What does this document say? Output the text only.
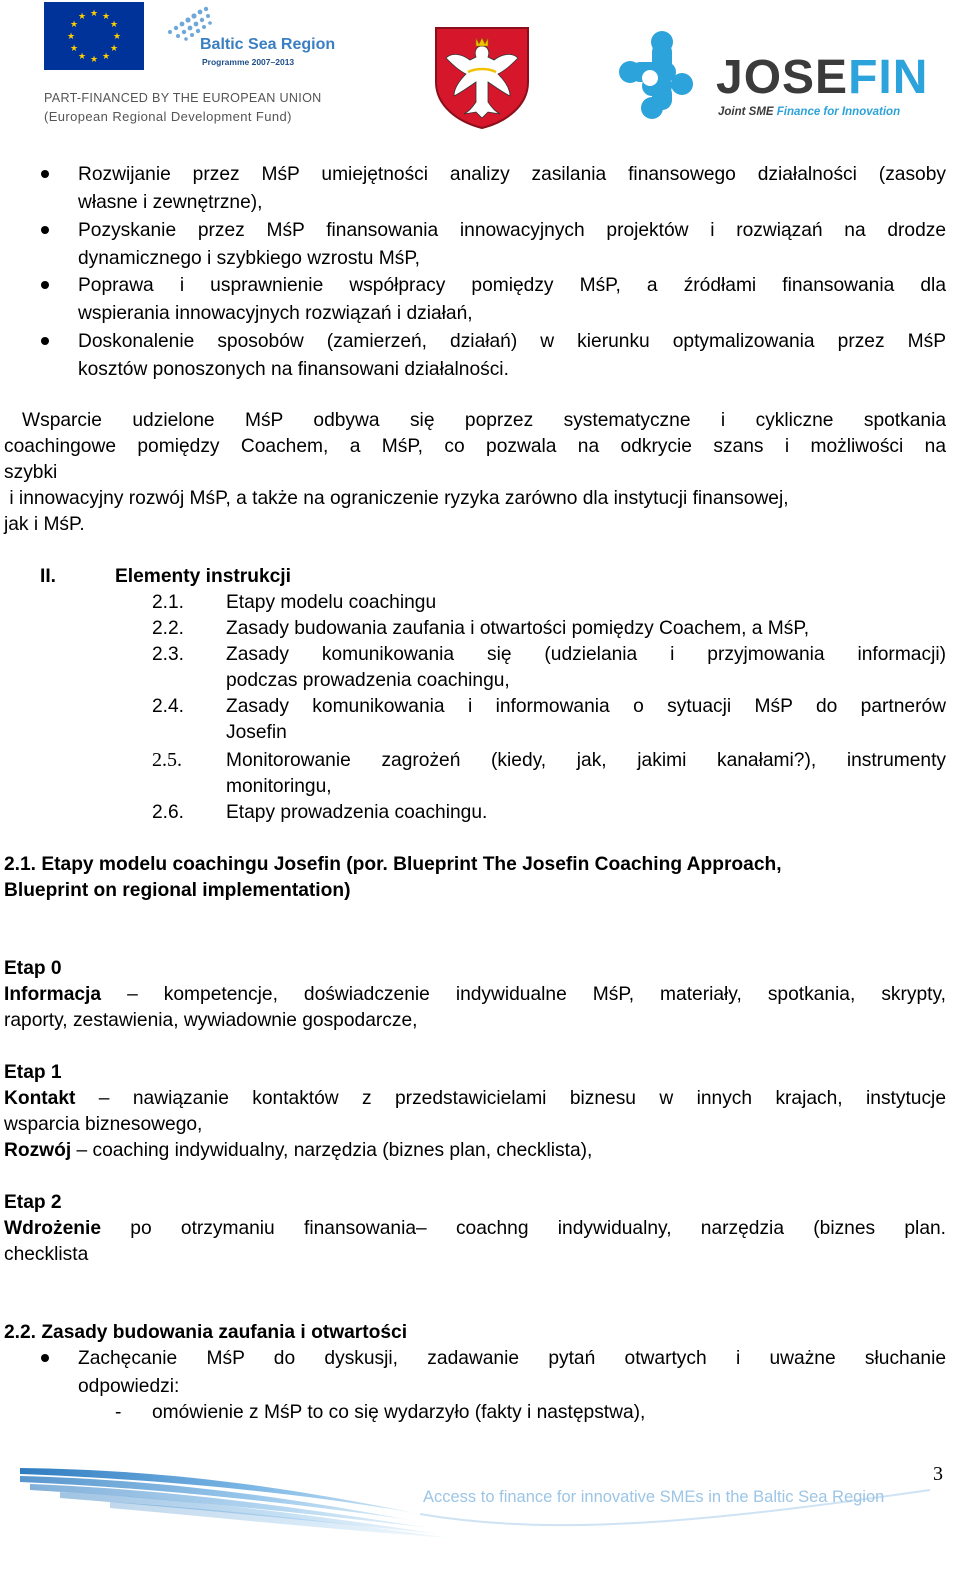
★ ★
★
★
★
★
★
★
★
★
★
★
Baltic Sea Region
Programme 2007–2013
PART-FINANCED BY THE EUROPEAN UNION
(European Regional Development Fund)
JOSEFIN
Joint SME Finance for Innovation
Rozwijanie przez MśP umiejętności analizy zasilania finansowego działalności (zasoby
własne i zewnętrzne),
Pozyskanie przez MśP finansowania innowacyjnych projektów i rozwiązań na drodze
dynamicznego i szybkiego wzrostu MśP,
Poprawa i usprawnienie współpracy pomiędzy MśP, a źródłami finansowania dla
wspierania innowacyjnych rozwiązań i działań,
Doskonalenie sposobów (zamierzeń, działań) w kierunku optymalizowania przez MśP
kosztów ponoszonych na finansowani działalności.
Wsparcie udzielone MśP odbywa się poprzez systematyczne i cykliczne spotkania
coachingowe pomiędzy Coachem, a MśP, co pozwala na odkrycie szans i możliwości na
szybki
i innowacyjny rozwój MśP, a także na ograniczenie ryzyka zarówno dla instytucji finansowej,
jak i MśP.
II.	Elementy instrukcji
2.1. Etapy modelu coachingu
2.2. Zasady budowania zaufania i otwartości pomiędzy Coachem, a MśP,
2.3. Zasady komunikowania się (udzielania i przyjmowania informacji)
podczas prowadzenia coachingu,
2.4. Zasady komunikowania i informowania o sytuacji MśP do partnerów
Josefin
2.5. Monitorowanie zagrożeń (kiedy, jak, jakimi kanałami?), instrumenty
monitoringu,
2.6. Etapy prowadzenia coachingu.
2.1. Etapy modelu coachingu Josefin (por. Blueprint The Josefin Coaching Approach,
Blueprint on regional implementation)
Etap 0
Informacja – kompetencje, doświadczenie indywidualne MśP, materiały, spotkania, skrypty,
raporty, zestawienia, wywiadownie gospodarcze,
Etap 1
Kontakt – nawiązanie kontaktów z przedstawicielami biznesu w innych krajach, instytucje
wsparcia biznesowego,
Rozwój – coaching indywidualny, narzędzia (biznes plan, checklista),
Etap 2
Wdrożenie po otrzymaniu finansowania– coachng indywidualny, narzędzia (biznes plan.
checklista
2.2. Zasady budowania zaufania i otwartości
Zachęcanie MśP do dyskusji, zadawanie pytań otwartych i uważne słuchanie
odpowiedzi:
- omówienie z MśP to co się wydarzyło (fakty i następstwa),
Access to finance for innovative SMEs in the Baltic Sea Region
3
